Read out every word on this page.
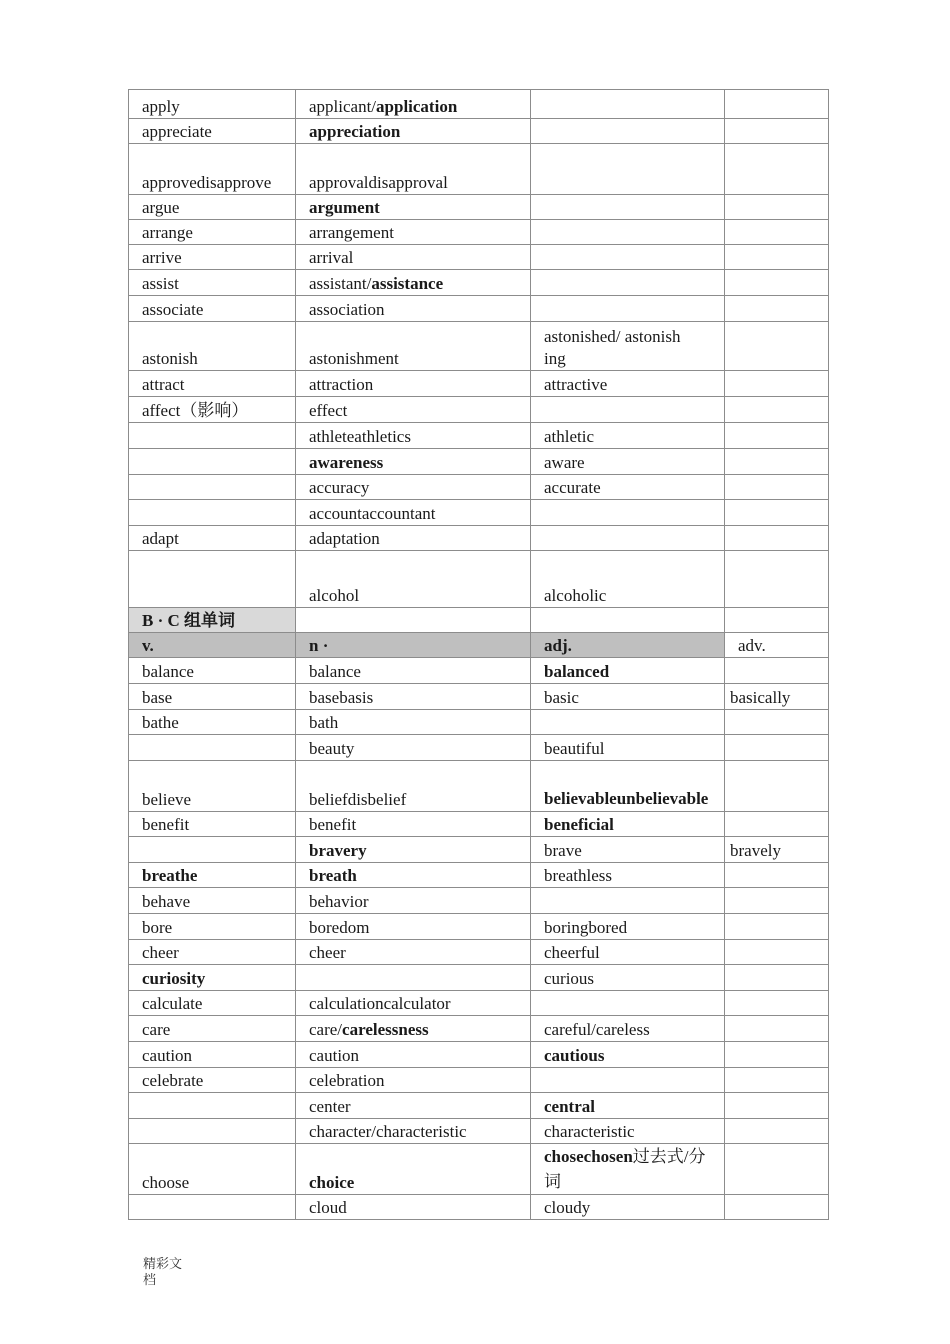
apply	applicant/application		
appreciate	appreciation		
approvedisapprove	approvaldisapproval		
argue	argument		
arrange	arrangement		
arrive	arrival		
assist	assistant/assistance		
associate	association		
astonish	astonishment	astonished/ astonishing	
attract	attraction	attractive	
affect（影响）	effect		
	athleteathletics	athletic	
	awareness	aware	
	accuracy	accurate	
	accountaccountant		
adapt	adaptation		
	alcohol	alcoholic	
B · C 组单词			
v.	n ·	adj.	adv.
balance	balance	balanced	
base	basebasis	basic	basically
bathe	bath		
	beauty	beautiful	
believe	beliefdisbelief	believableunbelievable	
benefit	benefit	beneficial	
	bravery	brave	bravely
breathe	breath	breathless	
behave	behavior		
bore	boredom	boringbored	
cheer	cheer	cheerful	
curiosity		curious	
calculate	calculationcalculator		
care	care/carelessness	careful/careless	
caution	caution	cautious	
celebrate	celebration		
	center	central	
	character/characteristic	characteristic	
choose	choice	chosechosen过去式/分词	
	cloud	cloudy	
精彩文档
